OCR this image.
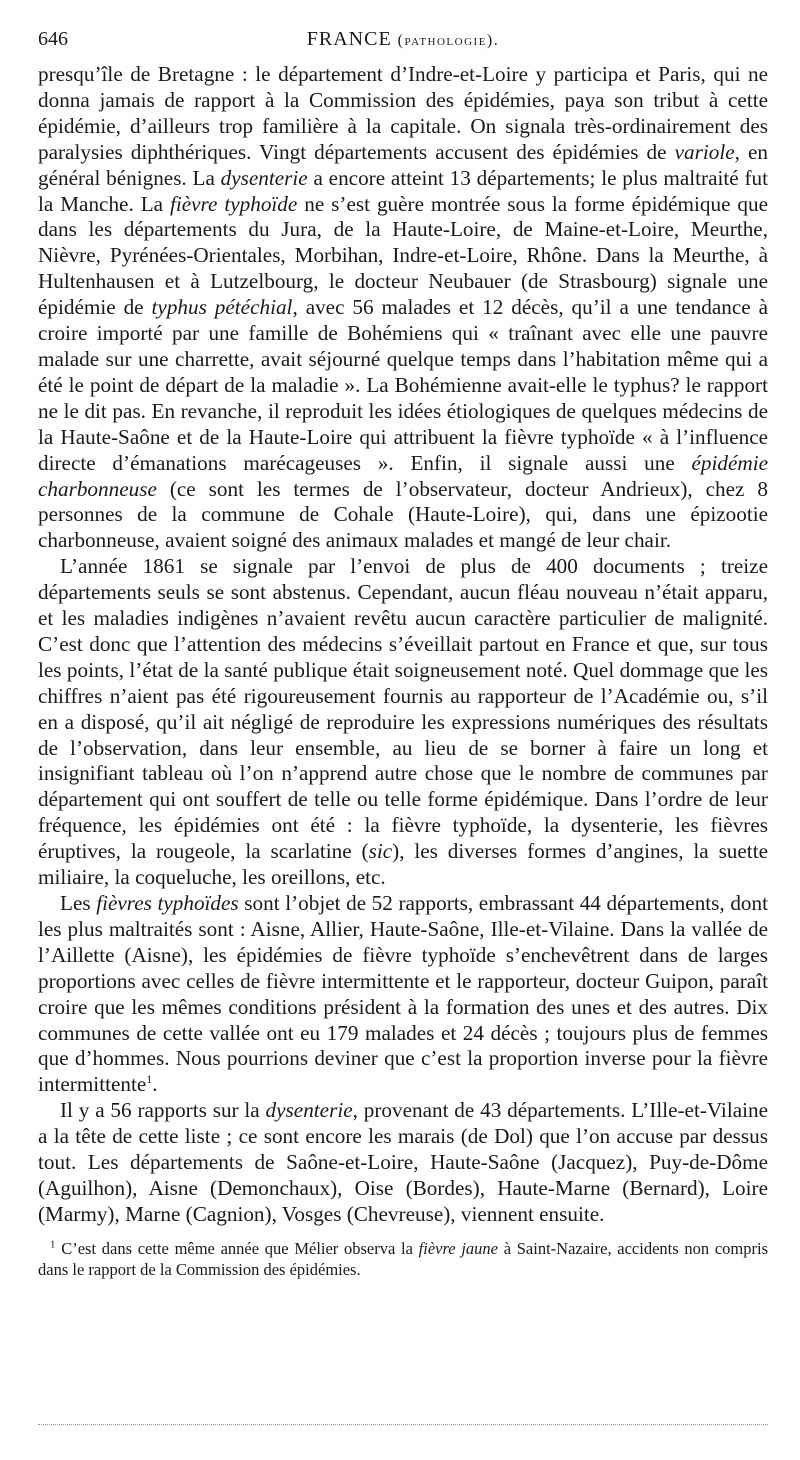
646	FRANCE (pathologie).

presqu’île de Bretagne : le département d’Indre-et-Loire y participa et Paris, qui ne donna jamais de rapport à la Commission des épidémies, paya son tribut à cette épidémie, d’ailleurs trop familière à la capitale. On signala très-ordinairement des paralysies diphthériques. Vingt départements accusent des épidémies de variole, en général bénignes. La dysenterie a encore atteint 13 départements; le plus maltraité fut la Manche. La fièvre typhoïde ne s’est guère montrée sous la forme épidémique que dans les départements du Jura, de la Haute-Loire, de Maine-et-Loire, Meurthe, Nièvre, Pyrénées-Orientales, Morbihan, Indre-et-Loire, Rhône. Dans la Meurthe, à Hultenhausen et à Lutzelbourg, le docteur Neubauer (de Strasbourg) signale une épidémie de typhus pétéchial, avec 56 malades et 12 décès, qu’il a une tendance à croire importé par une famille de Bohémiens qui « traînant avec elle une pauvre malade sur une charrette, avait séjourné quelque temps dans l’habitation même qui a été le point de départ de la maladie ». La Bohémienne avait-elle le typhus? le rapport ne le dit pas. En revanche, il reproduit les idées étiologiques de quelques médecins de la Haute-Saône et de la Haute-Loire qui attribuent la fièvre typhoïde « à l’influence directe d’émanations marécageuses ». Enfin, il signale aussi une épidémie charbonneuse (ce sont les termes de l’observateur, docteur Andrieux), chez 8 personnes de la commune de Cohale (Haute-Loire), qui, dans une épizootie charbonneuse, avaient soigné des animaux malades et mangé de leur chair.

L’année 1861 se signale par l’envoi de plus de 400 documents ; treize départements seuls se sont abstenus. Cependant, aucun fléau nouveau n’était apparu, et les maladies indigènes n’avaient revêtu aucun caractère particulier de malignité. C’est donc que l’attention des médecins s’éveillait partout en France et que, sur tous les points, l’état de la santé publique était soigneusement noté. Quel dommage que les chiffres n’aient pas été rigoureusement fournis au rapporteur de l’Académie ou, s’il en a disposé, qu’il ait négligé de reproduire les expressions numériques des résultats de l’observation, dans leur ensemble, au lieu de se borner à faire un long et insignifiant tableau où l’on n’apprend autre chose que le nombre de communes par département qui ont souffert de telle ou telle forme épidémique. Dans l’ordre de leur fréquence, les épidémies ont été : la fièvre typhoïde, la dysenterie, les fièvres éruptives, la rougeole, la scarlatine (sic), les diverses formes d’angines, la suette miliaire, la coqueluche, les oreillons, etc.

Les fièvres typhoïdes sont l’objet de 52 rapports, embrassant 44 départements, dont les plus maltraités sont : Aisne, Allier, Haute-Saône, Ille-et-Vilaine. Dans la vallée de l’Aillette (Aisne), les épidémies de fièvre typhoïde s’enchevêtrent dans de larges proportions avec celles de fièvre intermittente et le rapporteur, docteur Guipon, paraît croire que les mêmes conditions président à la formation des unes et des autres. Dix communes de cette vallée ont eu 179 malades et 24 décès ; toujours plus de femmes que d’hommes. Nous pourrions deviner que c’est la proportion inverse pour la fièvre intermittente$^1$.

Il y a 56 rapports sur la dysenterie, provenant de 43 départements. L’Ille-et-Vilaine a la tête de cette liste ; ce sont encore les marais (de Dol) que l’on accuse par dessus tout. Les départements de Saône-et-Loire, Haute-Saône (Jacquez), Puy-de-Dôme (Aguilhon), Aisne (Demonchaux), Oise (Bordes), Haute-Marne (Bernard), Loire (Marmy), Marne (Cagnion), Vosges (Chevreuse), viennent ensuite.

$^1$ C’est dans cette même année que Mélier observa la fièvre jaune à Saint-Nazaire, accidents non compris dans le rapport de la Commission des épidémies.
